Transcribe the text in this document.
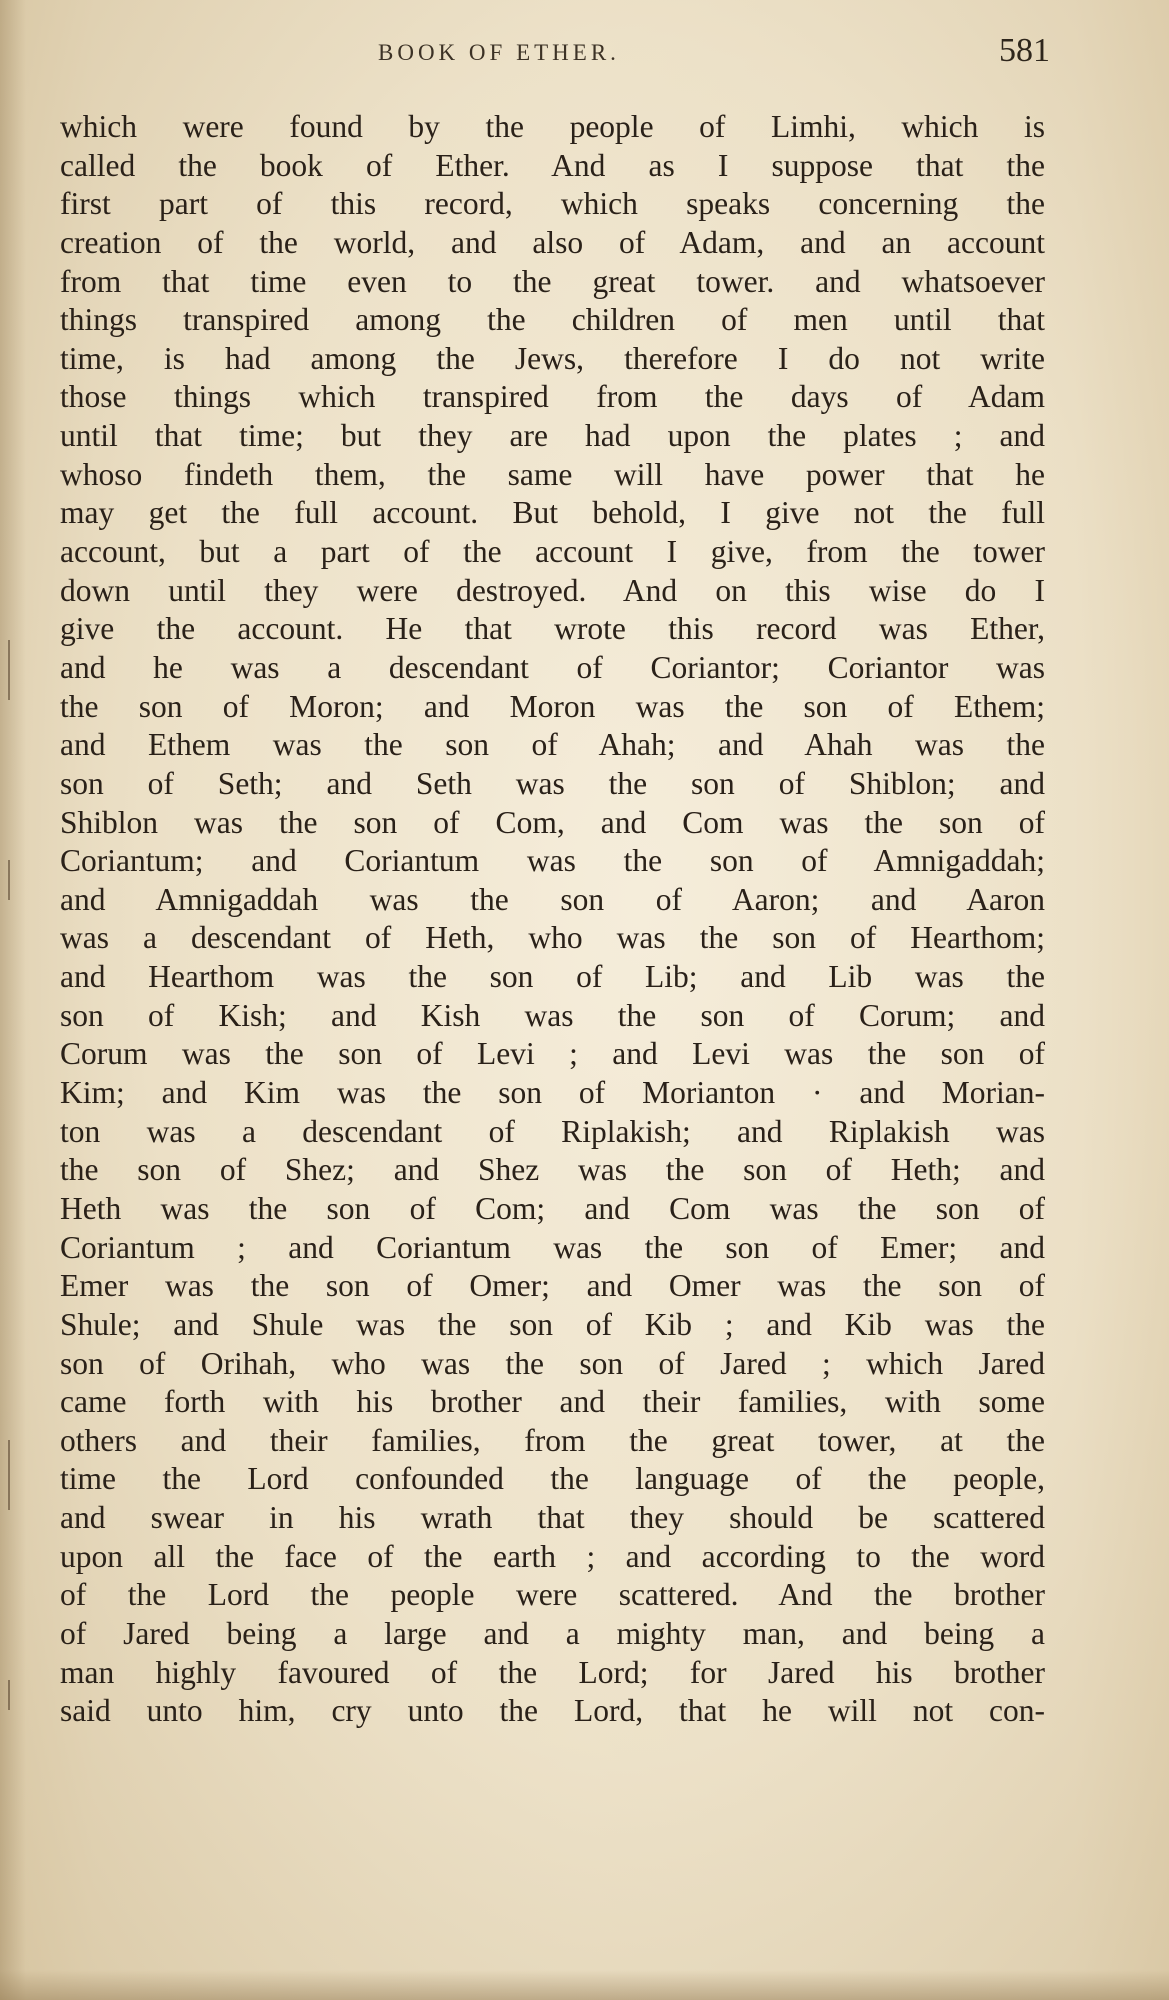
BOOK OF ETHER.	581
which were found by the people of Limhi, which is
called the book of Ether. And as I suppose that the
first part of this record, which speaks concerning the
creation of the world, and also of Adam, and an account
from that time even to the great tower. and whatsoever
things transpired among the children of men until that
time, is had among the Jews, therefore I do not write
those things which transpired from the days of Adam
until that time; but they are had upon the plates ; and
whoso findeth them, the same will have power that he
may get the full account. But behold, I give not the full
account, but a part of the account I give, from the tower
down until they were destroyed. And on this wise do I
give the account. He that wrote this record was Ether,
and he was a descendant of Coriantor; Coriantor was
the son of Moron; and Moron was the son of Ethem;
and Ethem was the son of Ahah; and Ahah was the
son of Seth; and Seth was the son of Shiblon; and
Shiblon was the son of Com, and Com was the son of
Coriantum; and Coriantum was the son of Amnigaddah;
and Amnigaddah was the son of Aaron; and Aaron
was a descendant of Heth, who was the son of Hearthom;
and Hearthom was the son of Lib; and Lib was the
son of Kish; and Kish was the son of Corum; and
Corum was the son of Levi ; and Levi was the son of
Kim; and Kim was the son of Morianton · and Morian-
ton was a descendant of Riplakish; and Riplakish was
the son of Shez; and Shez was the son of Heth; and
Heth was the son of Com; and Com was the son of
Coriantum ; and Coriantum was the son of Emer; and
Emer was the son of Omer; and Omer was the son of
Shule; and Shule was the son of Kib ; and Kib was the
son of Orihah, who was the son of Jared ; which Jared
came forth with his brother and their families, with some
others and their families, from the great tower, at the
time the Lord confounded the language of the people,
and swear in his wrath that they should be scattered
upon all the face of the earth ; and according to the word
of the Lord the people were scattered. And the brother
of Jared being a large and a mighty man, and being a
man highly favoured of the Lord; for Jared his brother
said unto him, cry unto the Lord, that he will not con-
